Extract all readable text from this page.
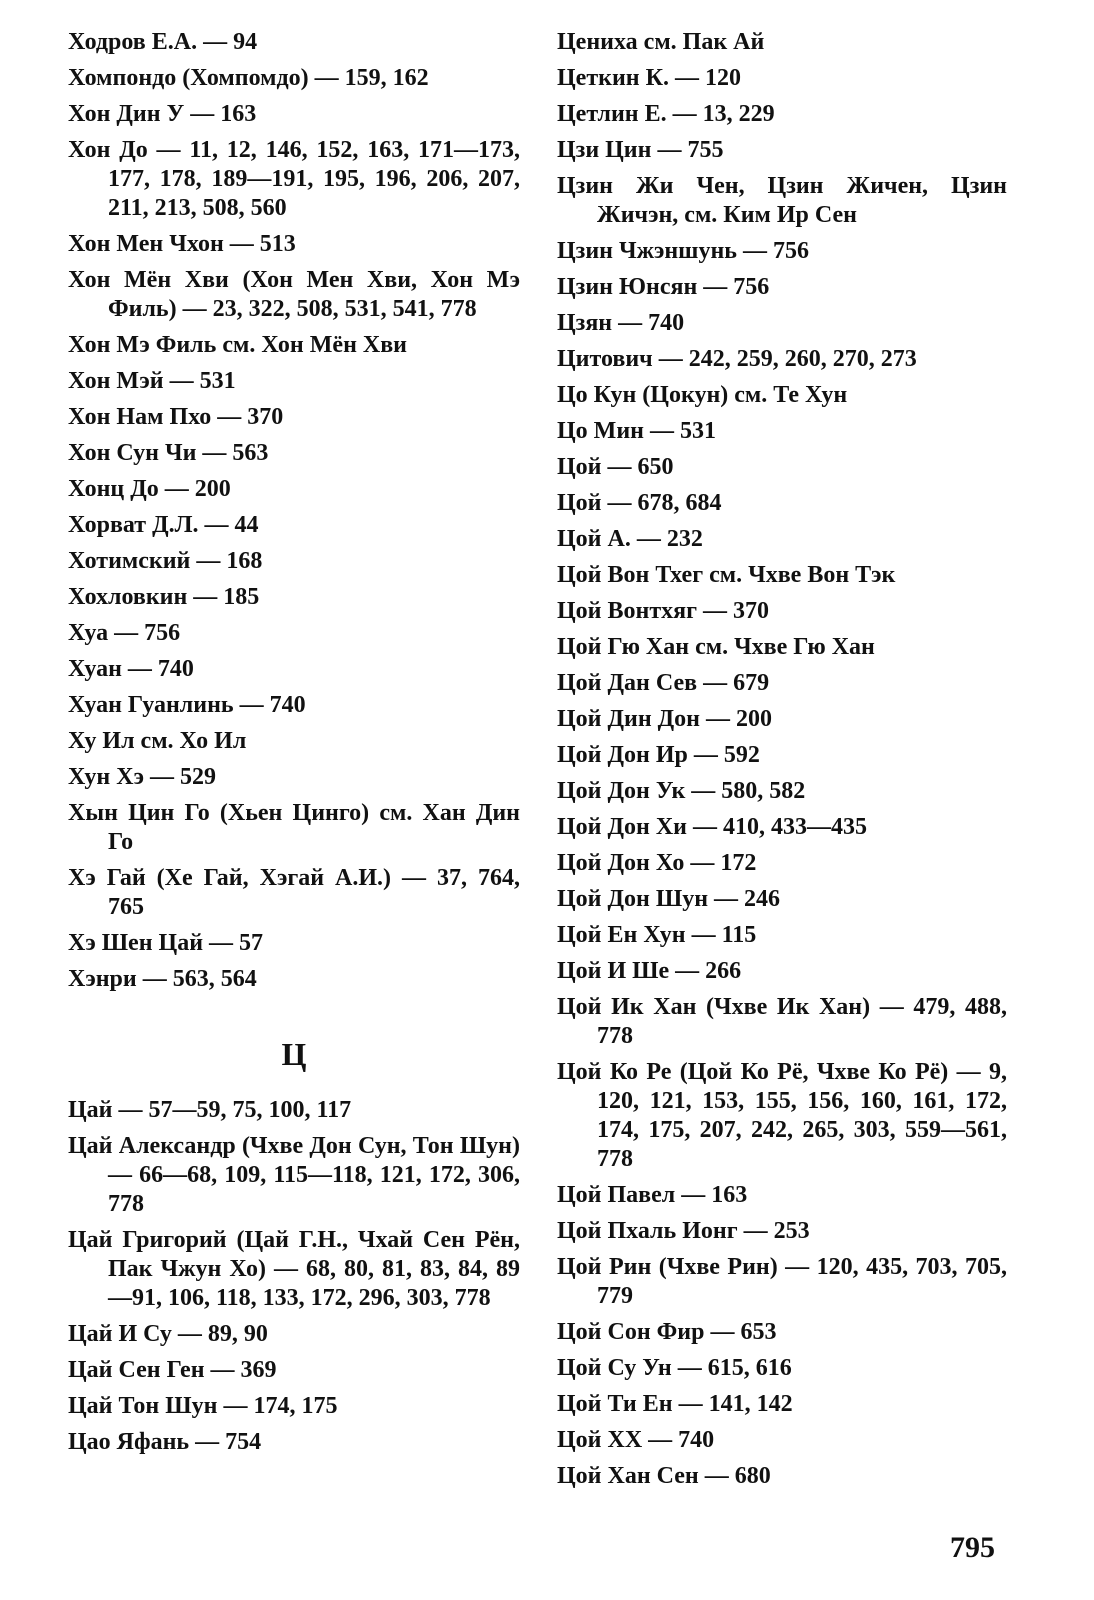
Ходров Е.А. — 94
Хомпондо (Хомпомдо) — 159, 162
Хон Дин У — 163
Хон До — 11, 12, 146, 152, 163, 171—173, 177, 178, 189—191, 195, 196, 206, 207, 211, 213, 508, 560
Хон Мен Чхон — 513
Хон Мён Хви (Хон Мен Хви, Хон Мэ Филь) — 23, 322, 508, 531, 541, 778
Хон Мэ Филь см. Хон Мён Хви
Хон Мэй — 531
Хон Нам Пхо — 370
Хон Сун Чи — 563
Хонц До — 200
Хорват Д.Л. — 44
Хотимский — 168
Хохловкин — 185
Хуа — 756
Хуан — 740
Хуан Гуанлинь — 740
Ху Ил см. Хо Ил
Хун Хэ — 529
Хын Цин Го (Хьен Цинго) см. Хан Дин Го
Хэ Гай (Хе Гай, Хэгай А.И.) — 37, 764, 765
Хэ Шен Цай — 57
Хэнри — 563, 564
Ц
Цай — 57—59, 75, 100, 117
Цай Александр (Чхве Дон Сун, Тон Шун) — 66—68, 109, 115—118, 121, 172, 306, 778
Цай Григорий (Цай Г.Н., Чхай Сен Рён, Пак Чжун Хо) — 68, 80, 81, 83, 84, 89—91, 106, 118, 133, 172, 296, 303, 778
Цай И Су — 89, 90
Цай Сен Ген — 369
Цай Тон Шун — 174, 175
Цао Яфань — 754
Цениха см. Пак Ай
Цеткин К. — 120
Цетлин Е. — 13, 229
Цзи Цин — 755
Цзин Жи Чен, Цзин Жичен, Цзин Жичэн, см. Ким Ир Сен
Цзин Чжэншунь — 756
Цзин Юнсян — 756
Цзян — 740
Цитович — 242, 259, 260, 270, 273
Цо Кун (Цокун) см. Те Хун
Цо Мин — 531
Цой — 650
Цой — 678, 684
Цой А. — 232
Цой Вон Тхег см. Чхве Вон Тэк
Цой Вонтхяг — 370
Цой Гю Хан см. Чхве Гю Хан
Цой Дан Сев — 679
Цой Дин Дон — 200
Цой Дон Ир — 592
Цой Дон Ук — 580, 582
Цой Дон Хи — 410, 433—435
Цой Дон Хо — 172
Цой Дон Шун — 246
Цой Ен Хун — 115
Цой И Ше — 266
Цой Ик Хан (Чхве Ик Хан) — 479, 488, 778
Цой Ко Ре (Цой Ко Рё, Чхве Ко Рё) — 9, 120, 121, 153, 155, 156, 160, 161, 172, 174, 175, 207, 242, 265, 303, 559—561, 778
Цой Павел — 163
Цой Пхаль Ионг — 253
Цой Рин (Чхве Рин) — 120, 435, 703, 705, 779
Цой Сон Фир — 653
Цой Су Ун — 615, 616
Цой Ти Ен — 141, 142
Цой XX — 740
Цой Хан Сен — 680
795
